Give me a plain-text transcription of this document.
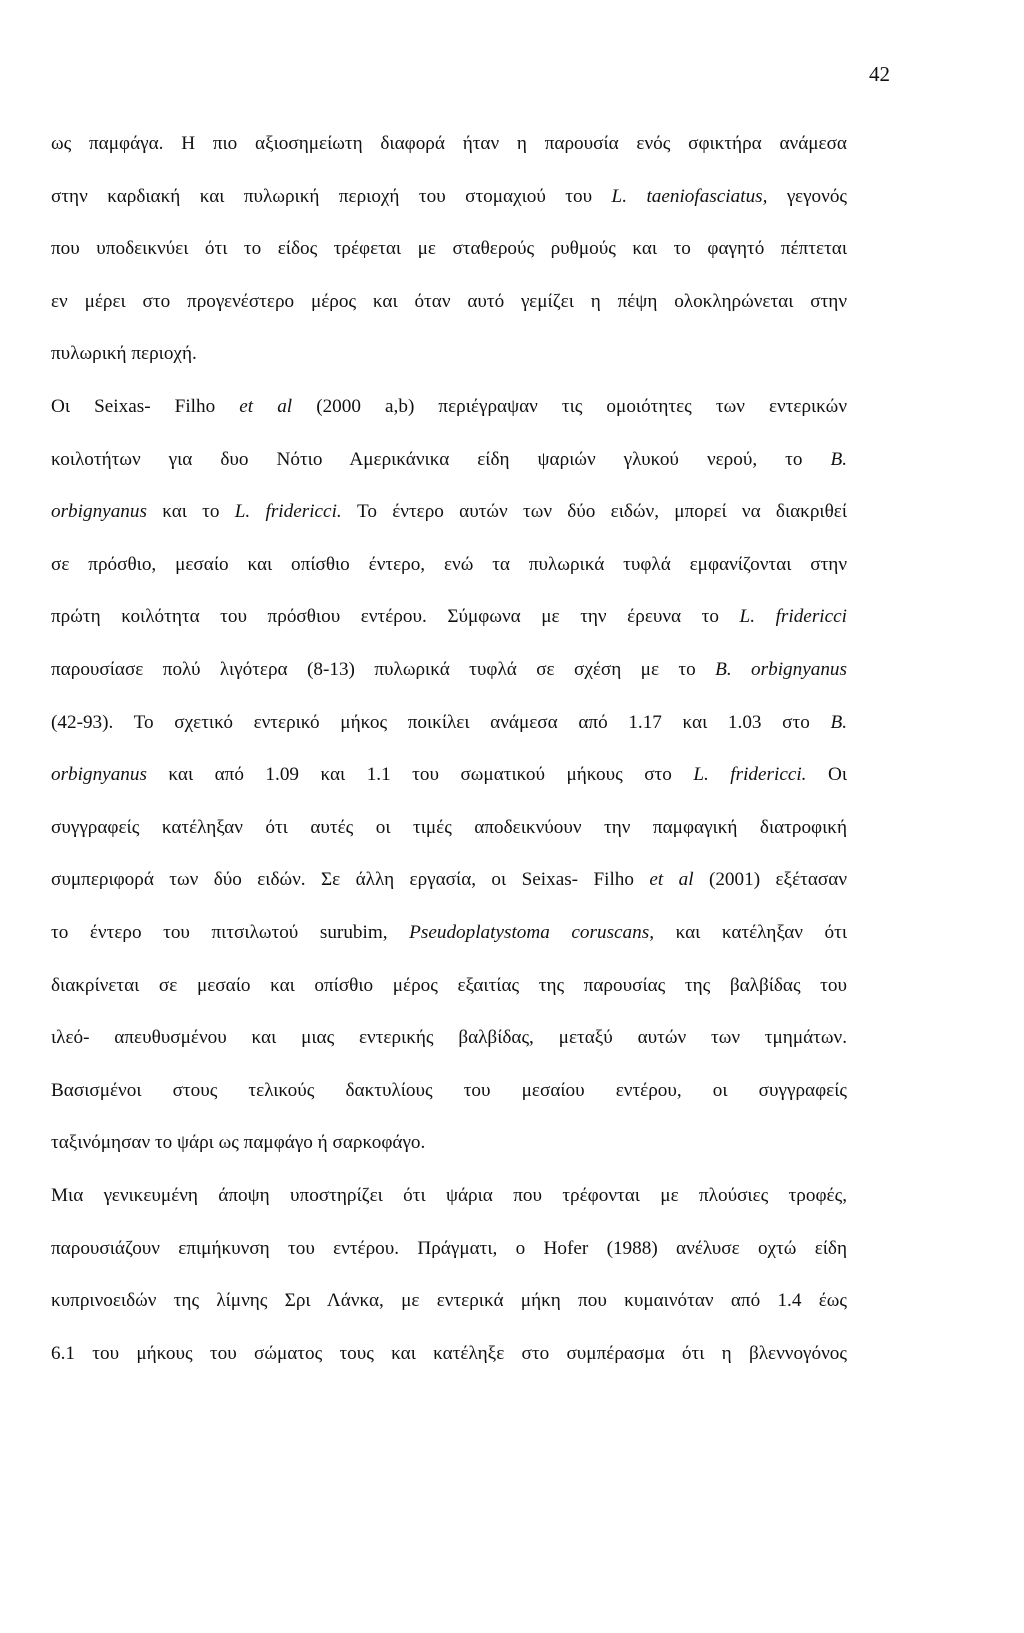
42
ως παμφάγα. Η πιο αξιοσημείωτη διαφορά ήταν η παρουσία ενός σφικτήρα ανάμεσα
στην καρδιακή και πυλωρική περιοχή του στομαχιού του L. taeniofasciatus, γεγονός
που υποδεικνύει ότι το είδος τρέφεται με σταθερούς ρυθμούς και το φαγητό πέπτεται
εν μέρει στο προγενέστερο μέρος και όταν αυτό γεμίζει η πέψη ολοκληρώνεται στην
πυλωρική περιοχή.
Οι Seixas- Filho et al (2000 a,b) περιέγραψαν τις ομοιότητες των εντερικών
κοιλοτήτων για δυο Νότιο Αμερικάνικα είδη ψαριών γλυκού νερού, το B.
orbignyanus και το L. fridericci. Το έντερο αυτών των δύο ειδών, μπορεί να διακριθεί
σε πρόσθιο, μεσαίο και οπίσθιο έντερο, ενώ τα πυλωρικά τυφλά εμφανίζονται στην
πρώτη κοιλότητα του πρόσθιου εντέρου. Σύμφωνα με την έρευνα το L. fridericci
παρουσίασε πολύ λιγότερα (8-13) πυλωρικά τυφλά σε σχέση με το B. orbignyanus
(42-93). Το σχετικό εντερικό μήκος ποικίλει ανάμεσα από 1.17 και 1.03 στο B.
orbignyanus και από 1.09 και 1.1 του σωματικού μήκους στο L. fridericci. Οι
συγγραφείς κατέληξαν ότι αυτές οι τιμές αποδεικνύουν την παμφαγική διατροφική
συμπεριφορά των δύο ειδών. Σε άλλη εργασία, οι Seixas- Filho et al (2001) εξέτασαν
το έντερο του πιτσιλωτού surubim, Pseudoplatystoma coruscans, και κατέληξαν ότι
διακρίνεται σε μεσαίο και οπίσθιο μέρος εξαιτίας της παρουσίας της βαλβίδας του
ιλεό- απευθυσμένου και μιας εντερικής βαλβίδας, μεταξύ αυτών των τμημάτων.
Βασισμένοι στους τελικούς δακτυλίους του μεσαίου εντέρου, οι συγγραφείς
ταξινόμησαν το ψάρι ως παμφάγο ή σαρκοφάγο.
Μια γενικευμένη άποψη υποστηρίζει ότι ψάρια που τρέφονται με πλούσιες τροφές,
παρουσιάζουν επιμήκυνση του εντέρου. Πράγματι, ο Hofer (1988) ανέλυσε οχτώ είδη
κυπρινοειδών της λίμνης Σρι Λάνκα, με εντερικά μήκη που κυμαινόταν από 1.4 έως
6.1 του μήκους του σώματος τους και κατέληξε στο συμπέρασμα ότι η βλεννογόνος
